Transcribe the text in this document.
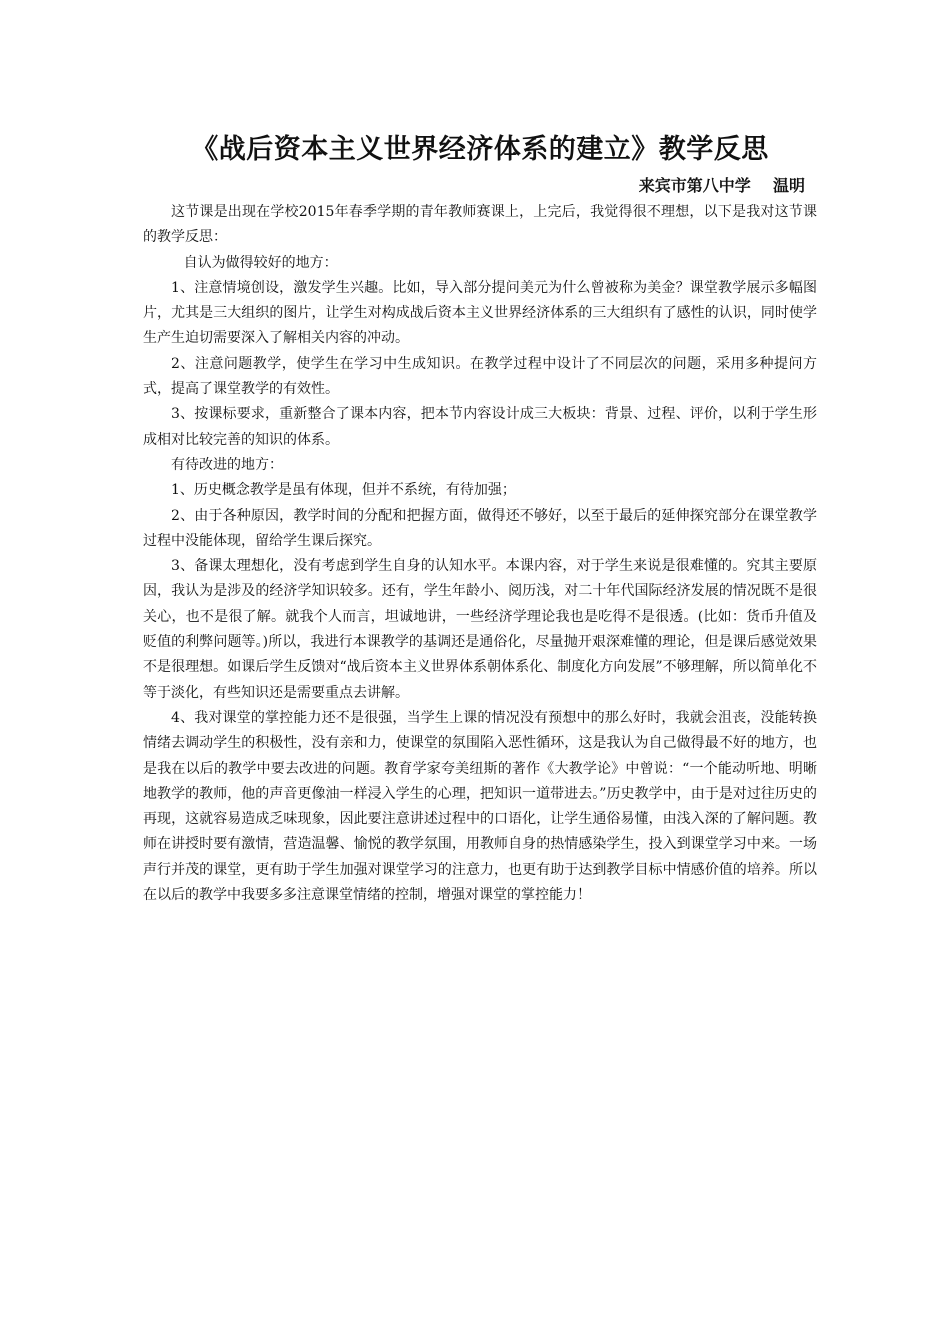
《战后资本主义世界经济体系的建立》教学反思

来宾市第八中学    温明

这节课是出现在学校2015年春季学期的青年教师赛课上，上完后，我觉得很不理想，以下是我对这节课的教学反思：

自认为做得较好的地方：

1、注意情境创设，激发学生兴趣。比如，导入部分提问美元为什么曾被称为美金？课堂教学展示多幅图片，尤其是三大组织的图片，让学生对构成战后资本主义世界经济体系的三大组织有了感性的认识，同时使学生产生迫切需要深入了解相关内容的冲动。

2、注意问题教学，使学生在学习中生成知识。在教学过程中设计了不同层次的问题，采用多种提问方式，提高了课堂教学的有效性。

3、按课标要求，重新整合了课本内容，把本节内容设计成三大板块：背景、过程、评价，以利于学生形成相对比较完善的知识的体系。

有待改进的地方：

1、历史概念教学是虽有体现，但并不系统，有待加强；

2、由于各种原因，教学时间的分配和把握方面，做得还不够好，以至于最后的延伸探究部分在课堂教学过程中没能体现，留给学生课后探究。

3、备课太理想化，没有考虑到学生自身的认知水平。本课内容，对于学生来说是很难懂的。究其主要原因，我认为是涉及的经济学知识较多。还有，学生年龄小、阅历浅，对二十年代国际经济发展的情况既不是很关心，也不是很了解。就我个人而言，坦诚地讲，一些经济学理论我也是吃得不是很透。(比如：货币升值及贬值的利弊问题等。)所以，我进行本课教学的基调还是通俗化，尽量抛开艰深难懂的理论，但是课后感觉效果不是很理想。如课后学生反馈对“战后资本主义世界体系朝体系化、制度化方向发展”不够理解，所以简单化不等于淡化，有些知识还是需要重点去讲解。

4、我对课堂的掌控能力还不是很强，当学生上课的情况没有预想中的那么好时，我就会沮丧，没能转换情绪去调动学生的积极性，没有亲和力，使课堂的氛围陷入恶性循环，这是我认为自己做得最不好的地方，也是我在以后的教学中要去改进的问题。教育学家夸美纽斯的著作《大教学论》中曾说：“一个能动听地、明晰地教学的教师，他的声音更像油一样浸入学生的心理，把知识一道带进去。”历史教学中，由于是对过往历史的再现，这就容易造成乏味现象，因此要注意讲述过程中的口语化，让学生通俗易懂，由浅入深的了解问题。教师在讲授时要有激情，营造温馨、愉悦的教学氛围，用教师自身的热情感染学生，投入到课堂学习中来。一场声行并茂的课堂，更有助于学生加强对课堂学习的注意力，也更有助于达到教学目标中情感价值的培养。所以在以后的教学中我要多多注意课堂情绪的控制，增强对课堂的掌控能力！
